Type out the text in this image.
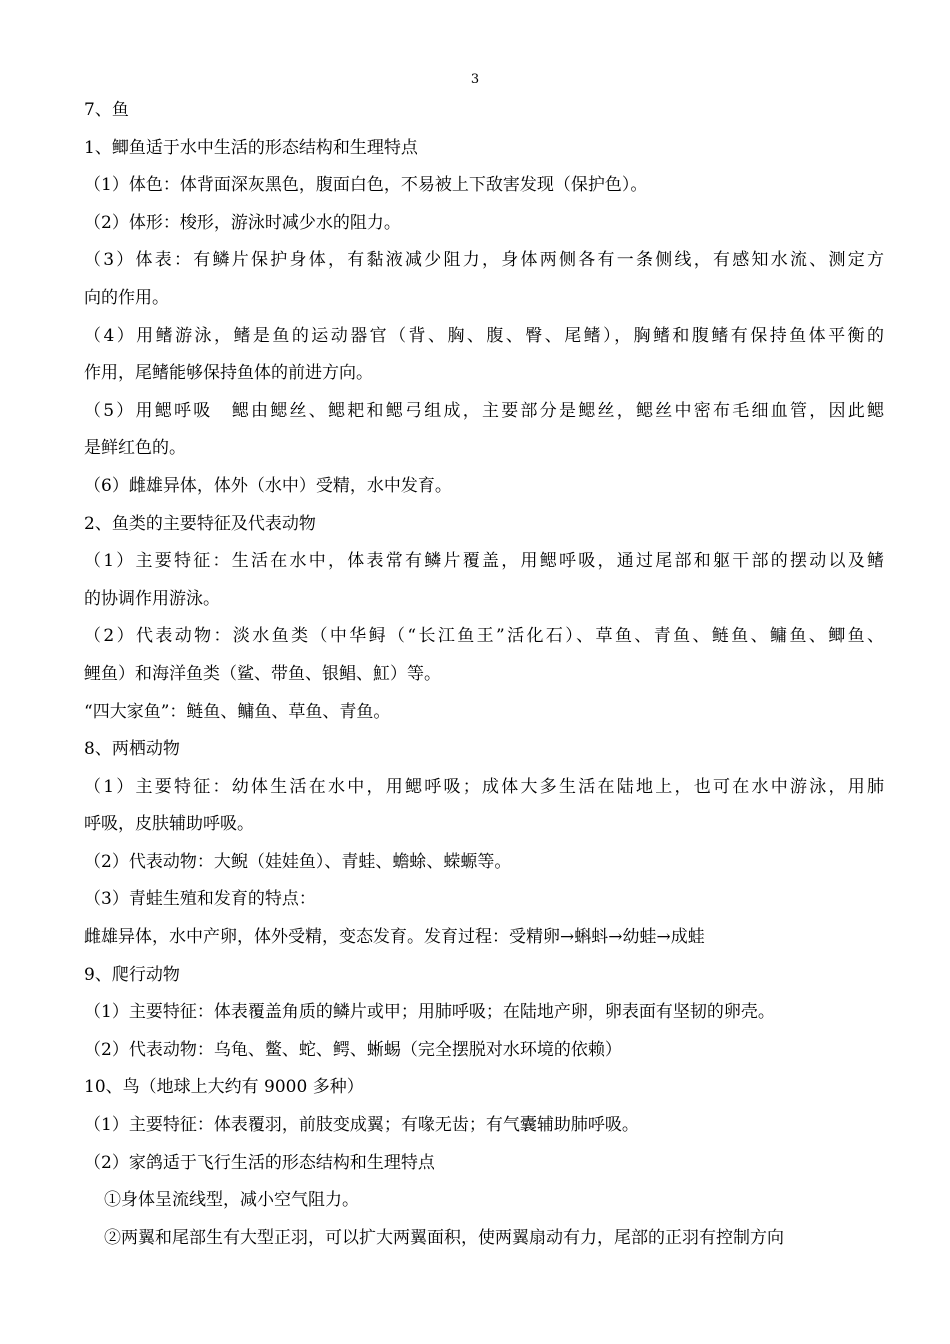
3
7、鱼
1、鲫鱼适于水中生活的形态结构和生理特点
（1）体色：体背面深灰黑色，腹面白色，不易被上下敌害发现（保护色）。
（2）体形：梭形，游泳时减少水的阻力。
（3）体表：有鳞片保护身体，有黏液减少阻力，身体两侧各有一条侧线，有感知水流、测定方
向的作用。
（4）用鳍游泳，鳍是鱼的运动器官（背、胸、腹、臀、尾鳍），胸鳍和腹鳍有保持鱼体平衡的
作用，尾鳍能够保持鱼体的前进方向。
（5）用鳃呼吸　鳃由鳃丝、鳃耙和鳃弓组成，主要部分是鳃丝，鳃丝中密布毛细血管，因此鳃
是鲜红色的。
（6）雌雄异体，体外（水中）受精，水中发育。
2、鱼类的主要特征及代表动物
（1）主要特征：生活在水中，体表常有鳞片覆盖，用鳃呼吸，通过尾部和躯干部的摆动以及鳍
的协调作用游泳。
（2）代表动物：淡水鱼类（中华鲟（“长江鱼王”活化石）、草鱼、青鱼、鲢鱼、鳙鱼、鲫鱼、
鲤鱼）和海洋鱼类（鲨、带鱼、银鲳、魟）等。
“四大家鱼”：鲢鱼、鳙鱼、草鱼、青鱼。
8、两栖动物
（1）主要特征：幼体生活在水中，用鳃呼吸；成体大多生活在陆地上，也可在水中游泳，用肺
呼吸，皮肤辅助呼吸。
（2）代表动物：大鲵（娃娃鱼）、青蛙、蟾蜍、蝾螈等。
（3）青蛙生殖和发育的特点：
雌雄异体，水中产卵，体外受精，变态发育。发育过程：受精卵→蝌蚪→幼蛙→成蛙
9、爬行动物
（1）主要特征：体表覆盖角质的鳞片或甲；用肺呼吸；在陆地产卵，卵表面有坚韧的卵壳。
（2）代表动物：乌龟、鳖、蛇、鳄、蜥蜴（完全摆脱对水环境的依赖）
10、鸟（地球上大约有 9000 多种）
（1）主要特征：体表覆羽，前肢变成翼；有喙无齿；有气囊辅助肺呼吸。
（2）家鸽适于飞行生活的形态结构和生理特点
①身体呈流线型，减小空气阻力。
②两翼和尾部生有大型正羽，可以扩大两翼面积，使两翼扇动有力，尾部的正羽有控制方向
